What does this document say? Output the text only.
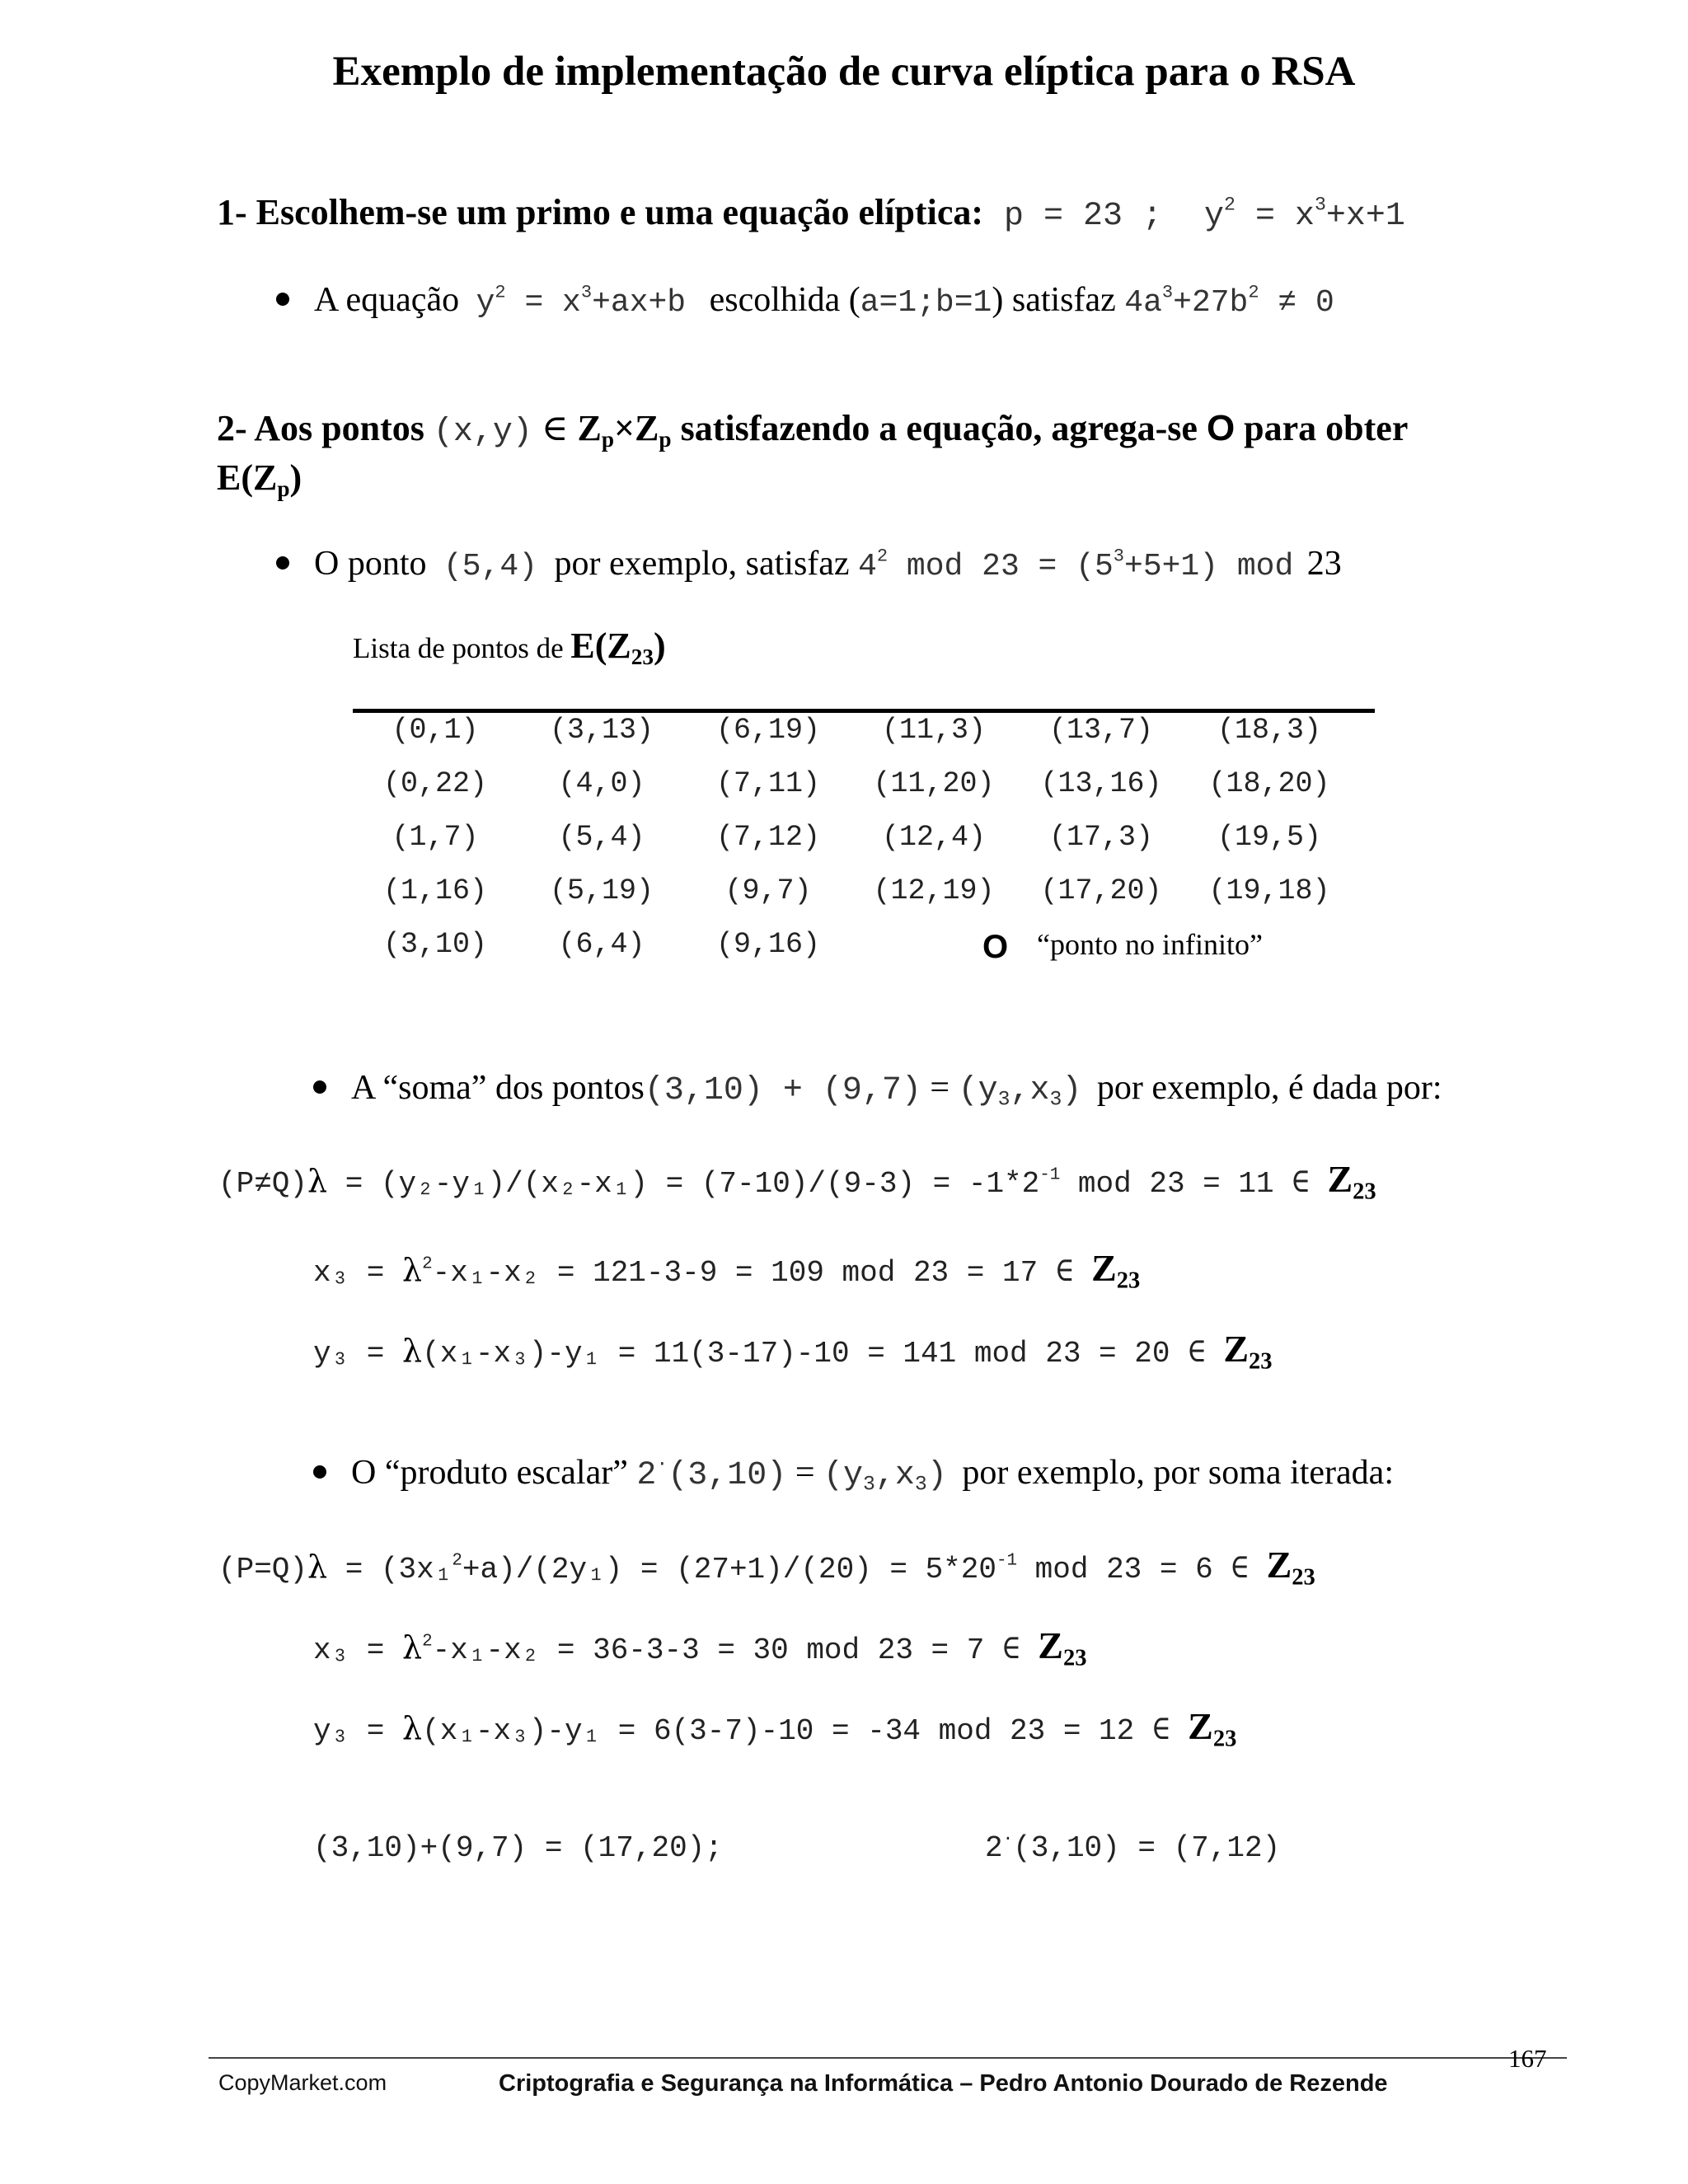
Exemplo de implementação de curva elíptica para o RSA
1- Escolhem-se um primo e uma equação elíptica: p = 23 ; $y^2 = x^3+x+1$
A equação $y^2 = x^3+ax+b$ escolhida (a=1;b=1) satisfaz $4a^3+27b^2 \ne 0$
2- Aos pontos (x,y) ∈ $Z_p\times Z_p$ satisfazendo a equação, agrega-se O para obter
$E(Z_p)$
O ponto (5,4) por exemplo, satisfaz $4^2$ mod $23 = (5^3+5+1)$ mod 23
Lista de pontos de $E(Z_{23})$
(0,1)	(3,13)	(6,19)	(11,3)	(13,7)	(18,3)
(0,22)	(4,0)	(7,11)	(11,20)	(13,16)	(18,20)
(1,7)	(5,4)	(7,12)	(12,4)	(17,3)	(19,5)
(1,16)	(5,19)	(9,7)	(12,19)	(17,20)	(19,18)
(3,10)	(6,4)	(9,16)	O “ponto no infinito”
A “soma” dos pontos(3,10) + $(9,7) = (y_3,x_3)$ por exemplo, é dada por:
$(P\ne Q)\lambda = (y_2-y_1)/(x_2-x_1) = (7-10)/(9-3) = -1*2^{-1}$ mod 23 = 11 ∈ $Z_{23}$
$x_3 = \lambda^2-x_1-x_2 = 121-3-9 = 109$ mod 23 = 17 ∈ $Z_{23}$
y₃ = λ(x₁-x₃)-y₁ = 11(3-17)-10 = 141 mod 23 = 20 ∈ $Z_{23}$
O “produto escalar” $2^\cdot(3,10) = (y_3,x_3)$ por exemplo, por soma iterada:
$(P=Q)\lambda = (3x_1^2+a)/(2y_1) = (27+1)/(20) = 5*20^{-1}$ mod 23 = 6 ∈ $Z_{23}$
$x_3 = \lambda^2-x_1-x_2 = 36-3-3 = 30$ mod 23 = 7 ∈ $Z_{23}$
y₃ = λ(x₁-x₃)-y₁ = 6(3-7)-10 = -34 mod 23 = 12 ∈ $Z_{23}$
(3,10)+(9,7) = (17,20);	2·(3,10) = (7,12)
167
CopyMarket.com	Criptografia e Segurança na Informática – Pedro Antonio Dourado de Rezende
